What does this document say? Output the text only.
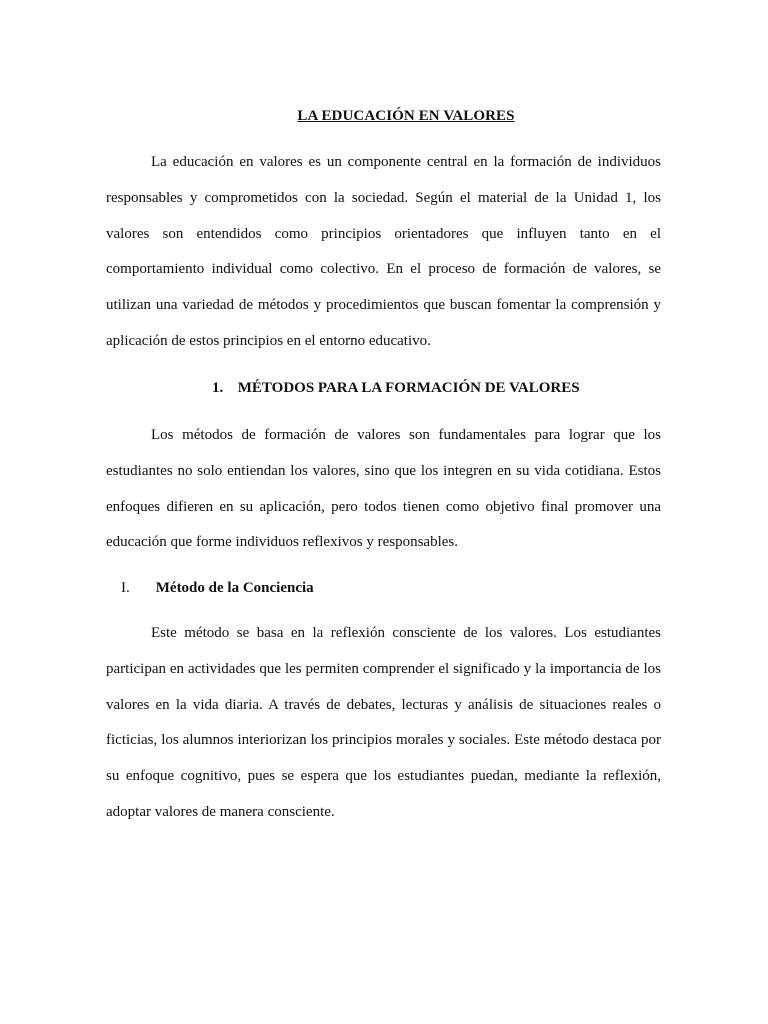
LA EDUCACIÓN EN VALORES

La educación en valores es un componente central en la formación de individuos responsables y comprometidos con la sociedad. Según el material de la Unidad 1, los valores son entendidos como principios orientadores que influyen tanto en el comportamiento individual como colectivo. En el proceso de formación de valores, se utilizan una variedad de métodos y procedimientos que buscan fomentar la comprensión y aplicación de estos principios en el entorno educativo.

1. MÉTODOS PARA LA FORMACIÓN DE VALORES

Los métodos de formación de valores son fundamentales para lograr que los estudiantes no solo entiendan los valores, sino que los integren en su vida cotidiana. Estos enfoques difieren en su aplicación, pero todos tienen como objetivo final promover una educación que forme individuos reflexivos y responsables.

I. Método de la Conciencia

Este método se basa en la reflexión consciente de los valores. Los estudiantes participan en actividades que les permiten comprender el significado y la importancia de los valores en la vida diaria. A través de debates, lecturas y análisis de situaciones reales o ficticias, los alumnos interiorizan los principios morales y sociales. Este método destaca por su enfoque cognitivo, pues se espera que los estudiantes puedan, mediante la reflexión, adoptar valores de manera consciente.
